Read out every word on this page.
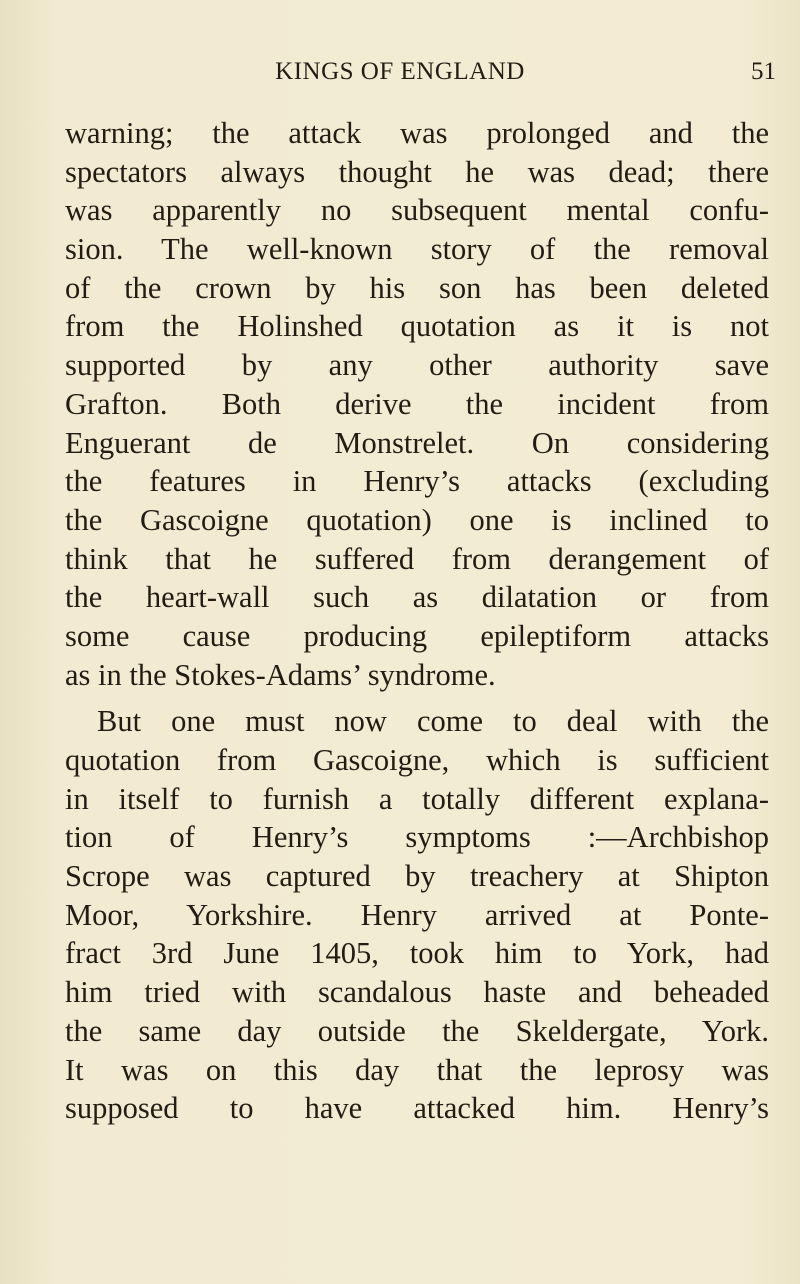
KINGS OF ENGLAND	51
warning; the attack was prolonged and the
spectators always thought he was dead; there
was apparently no subsequent mental confu-
sion. The well-known story of the removal
of the crown by his son has been deleted
from the Holinshed quotation as it is not
supported by any other authority save
Grafton. Both derive the incident from
Enguerant de Monstrelet. On considering
the features in Henry’s attacks (excluding
the Gascoigne quotation) one is inclined to
think that he suffered from derangement of
the heart-wall such as dilatation or from
some cause producing epileptiform attacks
as in the Stokes-Adams’ syndrome.
But one must now come to deal with the
quotation from Gascoigne, which is sufficient
in itself to furnish a totally different explana-
tion of Henry’s symptoms :—Archbishop
Scrope was captured by treachery at Shipton
Moor, Yorkshire. Henry arrived at Ponte-
fract 3rd June 1405, took him to York, had
him tried with scandalous haste and beheaded
the same day outside the Skeldergate, York.
It was on this day that the leprosy was
supposed to have attacked him. Henry’s
